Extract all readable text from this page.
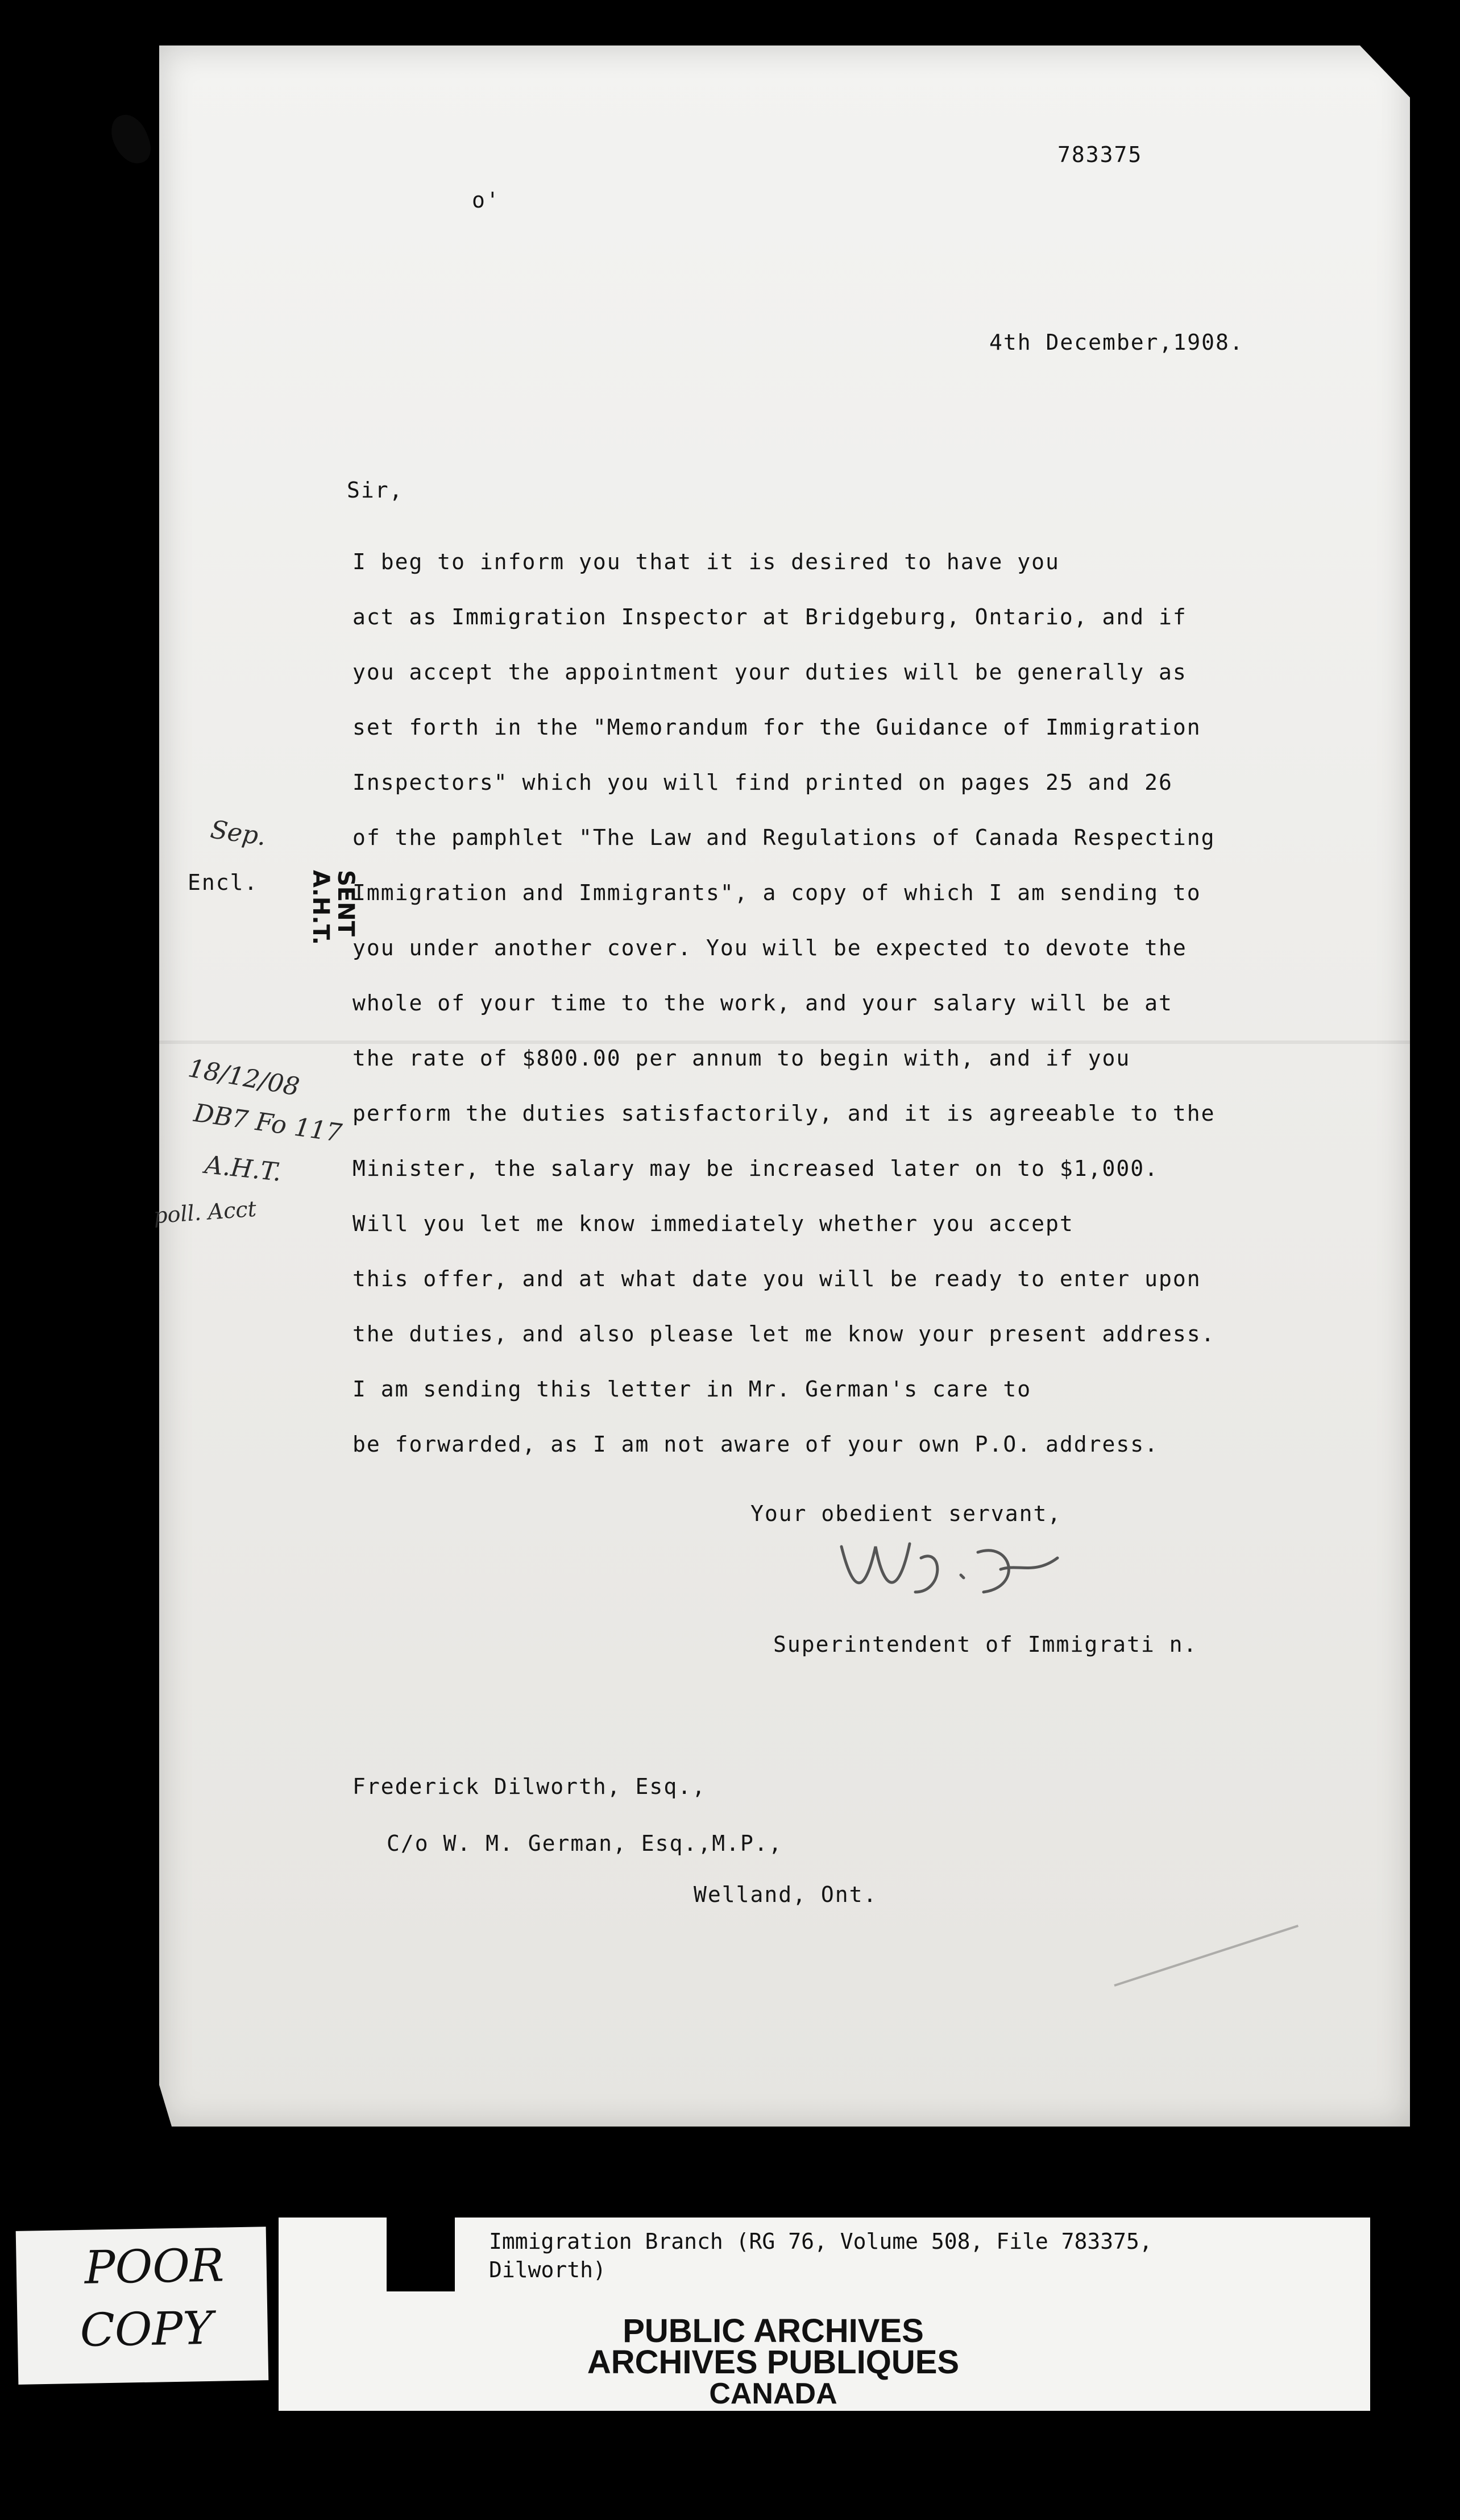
783375
o'
4th December,1908.
Sir,
I beg to inform you that it is desired to have you
act as Immigration Inspector at Bridgeburg, Ontario, and if
you accept the appointment your duties will be generally as
set forth in the "Memorandum for the Guidance of Immigration
Inspectors" which you will find printed on pages 25 and 26
of the pamphlet "The Law and Regulations of Canada Respecting
Immigration and Immigrants", a copy of which I am sending to
you under another cover. You will be expected to devote the
whole of your time to the work, and your salary will be at
the rate of $800.00 per annum to begin with, and if you
perform the duties satisfactorily, and it is agreeable to the
Minister, the salary may be increased later on to $1,000.
Will you let me know immediately whether you accept
this offer, and at what date you will be ready to enter upon
the duties, and also please let me know your present address.
I am sending this letter in Mr. German's care to
be forwarded, as I am not aware of your own P.O. address.
Encl.
Sep.
SENT
A.H.T.
18/12/08
DB7 Fo 117
A.H.T.
poll. Acct
Your obedient servant,
Superintendent of Immigrati n.
Frederick Dilworth, Esq.,
C/o W. M. German, Esq.,M.P.,
Welland, Ont.
POOR
COPY
Immigration Branch (RG 76, Volume 508, File 783375,
Dilworth)
PUBLIC ARCHIVES
ARCHIVES PUBLIQUES
CANADA
